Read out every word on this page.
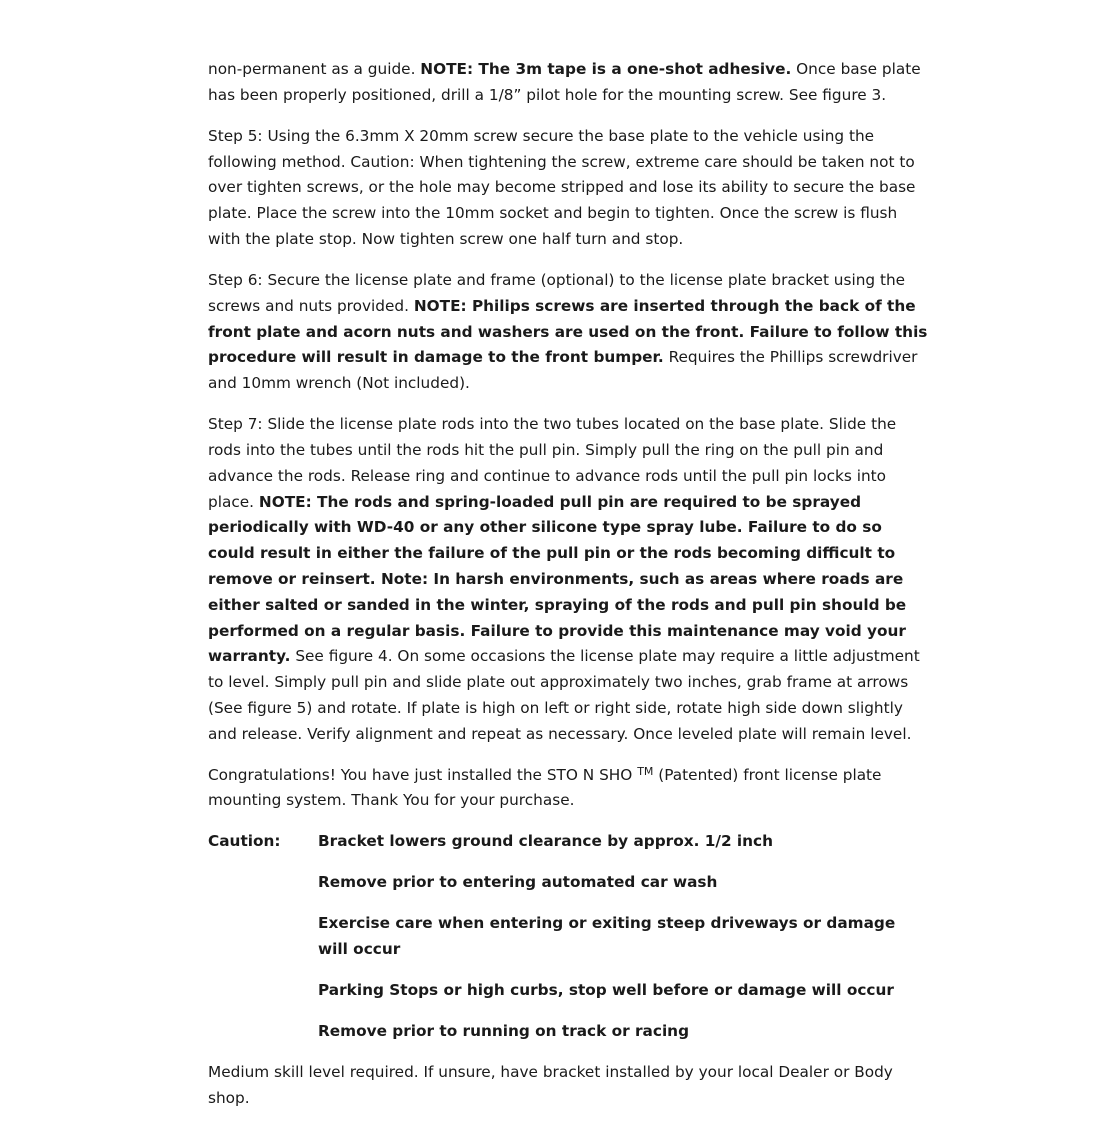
non-permanent as a guide. NOTE: The 3m tape is a one-shot adhesive. Once base plate has been properly positioned, drill a 1/8” pilot hole for the mounting screw. See figure 3.

Step 5: Using the 6.3mm X 20mm screw secure the base plate to the vehicle using the following method. Caution: When tightening the screw, extreme care should be taken not to over tighten screws, or the hole may become stripped and lose its ability to secure the base plate. Place the screw into the 10mm socket and begin to tighten. Once the screw is flush with the plate stop. Now tighten screw one half turn and stop.

Step 6: Secure the license plate and frame (optional) to the license plate bracket using the screws and nuts provided. NOTE: Philips screws are inserted through the back of the front plate and acorn nuts and washers are used on the front. Failure to follow this procedure will result in damage to the front bumper. Requires the Phillips screwdriver and 10mm wrench (Not included).

Step 7: Slide the license plate rods into the two tubes located on the base plate. Slide the rods into the tubes until the rods hit the pull pin. Simply pull the ring on the pull pin and advance the rods. Release ring and continue to advance rods until the pull pin locks into place. NOTE: The rods and spring-loaded pull pin are required to be sprayed periodically with WD-40 or any other silicone type spray lube. Failure to do so could result in either the failure of the pull pin or the rods becoming difficult to remove or reinsert. Note: In harsh environments, such as areas where roads are either salted or sanded in the winter, spraying of the rods and pull pin should be performed on a regular basis. Failure to provide this maintenance may void your warranty. See figure 4. On some occasions the license plate may require a little adjustment to level. Simply pull pin and slide plate out approximately two inches, grab frame at arrows (See figure 5) and rotate. If plate is high on left or right side, rotate high side down slightly and release. Verify alignment and repeat as necessary. Once leveled plate will remain level.

Congratulations! You have just installed the STO N SHO ™ (Patented) front license plate mounting system. Thank You for your purchase.

Caution:	Bracket lowers ground clearance by approx. 1/2 inch
Remove prior to entering automated car wash
Exercise care when entering or exiting steep driveways or damage will occur
Parking Stops or high curbs, stop well before or damage will occur
Remove prior to running on track or racing

Medium skill level required. If unsure, have bracket installed by your local Dealer or Body shop.
